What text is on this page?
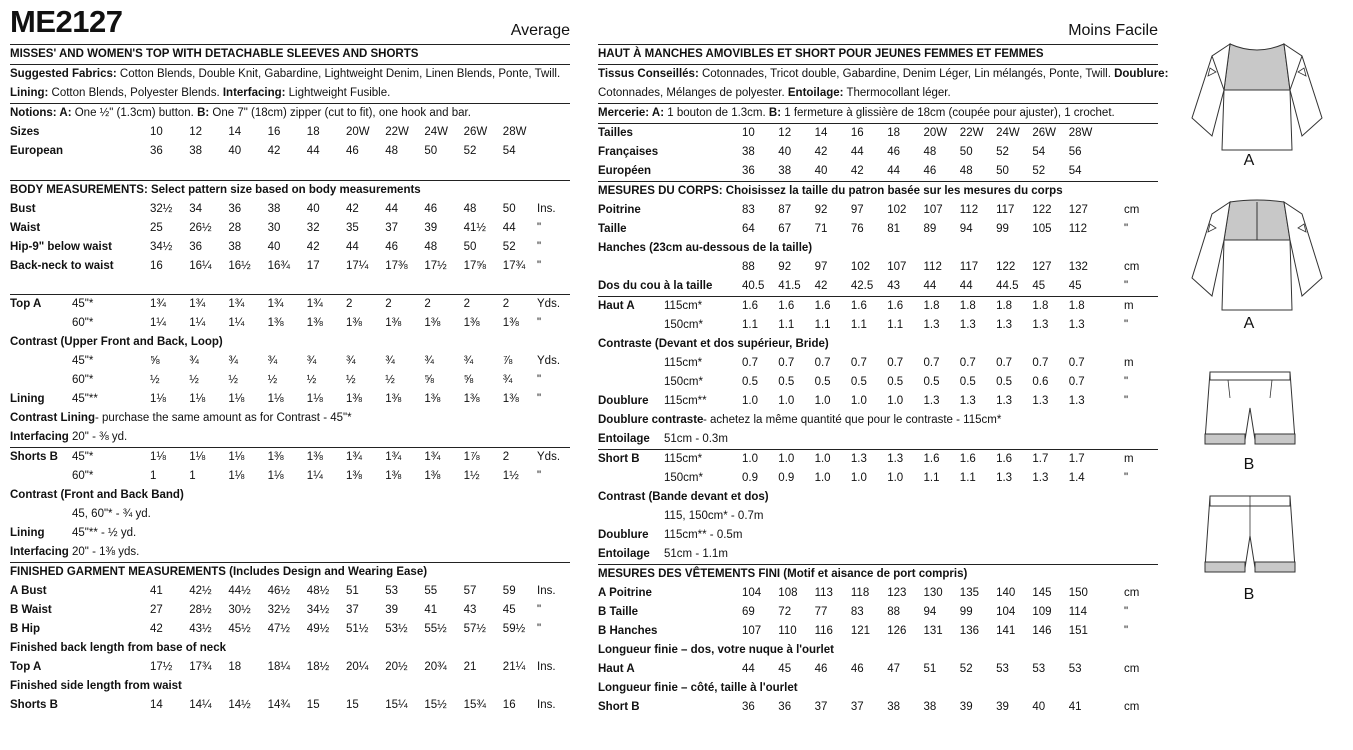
ME2127	Average
MISSES' AND WOMEN'S TOP WITH DETACHABLE SLEEVES AND SHORTS
Suggested Fabrics: Cotton Blends, Double Knit, Gabardine, Lightweight Denim, Linen Blends, Ponte, Twill.
Lining: Cotton Blends, Polyester Blends. Interfacing: Lightweight Fusible.
Notions: A: One ½" (1.3cm) button. B: One 7" (18cm) zipper (cut to fit), one hook and bar.
Sizes	10	12	14	16	18	20W	22W	24W	26W	28W
European	36	38	40	42	44	46	48	50	52	54
BODY MEASUREMENTS: Select pattern size based on body measurements
Bust	32½	34	36	38	40	42	44	46	48	50	Ins.
Waist	25	26½	28	30	32	35	37	39	41½	44	"
Hip-9" below waist	34½	36	38	40	42	44	46	48	50	52	"
Back-neck to waist	16	16¼	16½	16¾	17	17¼	17⅜	17½	17⅝	17¾	"
Top A	45"*	1¾	1¾	1¾	1¾	1¾	2	2	2	2	2	Yds.
60"*	1¼	1¼	1¼	1⅜	1⅜	1⅜	1⅜	1⅜	1⅜	1⅜	"
Contrast (Upper Front and Back, Loop)
45"*	⅝	¾	¾	¾	¾	¾	¾	¾	¾	⅞	Yds.
60"*	½	½	½	½	½	½	½	⅝	⅝	¾	"
Lining 45"**	1⅛	1⅛	1⅛	1⅛	1⅛	1⅜	1⅜	1⅜	1⅜	1⅜	"
Contrast Lining - purchase the same amount as for Contrast - 45"*
Interfacing 20" - ⅜ yd.
Shorts B 45"*	1⅛	1⅛	1⅛	1⅜	1⅜	1¾	1¾	1¾	1⅞	2	Yds.
60"*	1	1	1⅛	1⅛	1¼	1⅜	1⅜	1⅜	1½	1½	"
Contrast (Front and Back Band)
45, 60"* - ¾ yd.
Lining 45"** - ½ yd.
Interfacing 20" - 1⅜ yds.
FINISHED GARMENT MEASUREMENTS (Includes Design and Wearing Ease)
A Bust	41	42½	44½	46½	48½	51	53	55	57	59	Ins.
B Waist	27	28½	30½	32½	34½	37	39	41	43	45	"
B Hip	42	43½	45½	47½	49½	51½	53½	55½	57½	59½	"
Finished back length from base of neck
Top A	17½	17¾	18	18¼	18½	20¼	20½	20¾	21	21¼	Ins.
Finished side length from waist
Shorts B	14	14¼	14½	14¾	15	15	15¼	15½	15¾	16	Ins.
Moins Facile
HAUT À MANCHES AMOVIBLES ET SHORT POUR JEUNES FEMMES ET FEMMES
Tissus Conseillés: Cotonnades, Tricot double, Gabardine, Denim Léger, Lin mélangés, Ponte, Twill. Doublure:
Cotonnades, Mélanges de polyester. Entoilage: Thermocollant léger.
Mercerie: A: 1 bouton de 1.3cm. B: 1 fermeture à glissière de 18cm (coupée pour ajuster), 1 crochet.
Tailles	10	12	14	16	18	20W	22W	24W	26W	28W
Françaises	38	40	42	44	46	48	50	52	54	56
Européen	36	38	40	42	44	46	48	50	52	54
MESURES DU CORPS: Choisissez la taille du patron basée sur les mesures du corps
Poitrine	83	87	92	97	102	107	112	117	122	127	cm
Taille	64	67	71	76	81	89	94	99	105	112	"
Hanches (23cm au-dessous de la taille)
88	92	97	102	107	112	117	122	127	132	cm
Dos du cou à la taille	40.5	41.5	42	42.5	43	44	44	44.5	45	45	"
Haut A	115cm*	1.6	1.6	1.6	1.6	1.6	1.8	1.8	1.8	1.8	1.8	m
150cm*	1.1	1.1	1.1	1.1	1.1	1.3	1.3	1.3	1.3	1.3	"
Contraste (Devant et dos supérieur, Bride)
115cm*	0.7	0.7	0.7	0.7	0.7	0.7	0.7	0.7	0.7	0.7	m
150cm*	0.5	0.5	0.5	0.5	0.5	0.5	0.5	0.5	0.6	0.7	"
Doublure 115cm**	1.0	1.0	1.0	1.0	1.0	1.3	1.3	1.3	1.3	1.3	"
Doublure contraste - achetez la même quantité que pour le contraste - 115cm*
Entoilage 51cm - 0.3m
Short B 115cm*	1.0	1.0	1.0	1.3	1.3	1.6	1.6	1.6	1.7	1.7	m
150cm*	0.9	0.9	1.0	1.0	1.0	1.1	1.1	1.3	1.3	1.4	"
Contrast (Bande devant et dos)
115, 150cm* - 0.7m
Doublure 115cm** - 0.5m
Entoilage 51cm - 1.1m
MESURES DES VÊTEMENTS FINI (Motif et aisance de port compris)
A Poitrine	104	108	113	118	123	130	135	140	145	150	cm
B Taille	69	72	77	83	88	94	99	104	109	114	"
B Hanches	107	110	116	121	126	131	136	141	146	151	"
Longueur finie – dos, votre nuque à l'ourlet
Haut A	44	45	46	46	47	51	52	53	53	53	cm
Longueur finie – côté, taille à l'ourlet
Short B	36	36	37	37	38	38	39	39	40	41	cm
A
A
B
B
